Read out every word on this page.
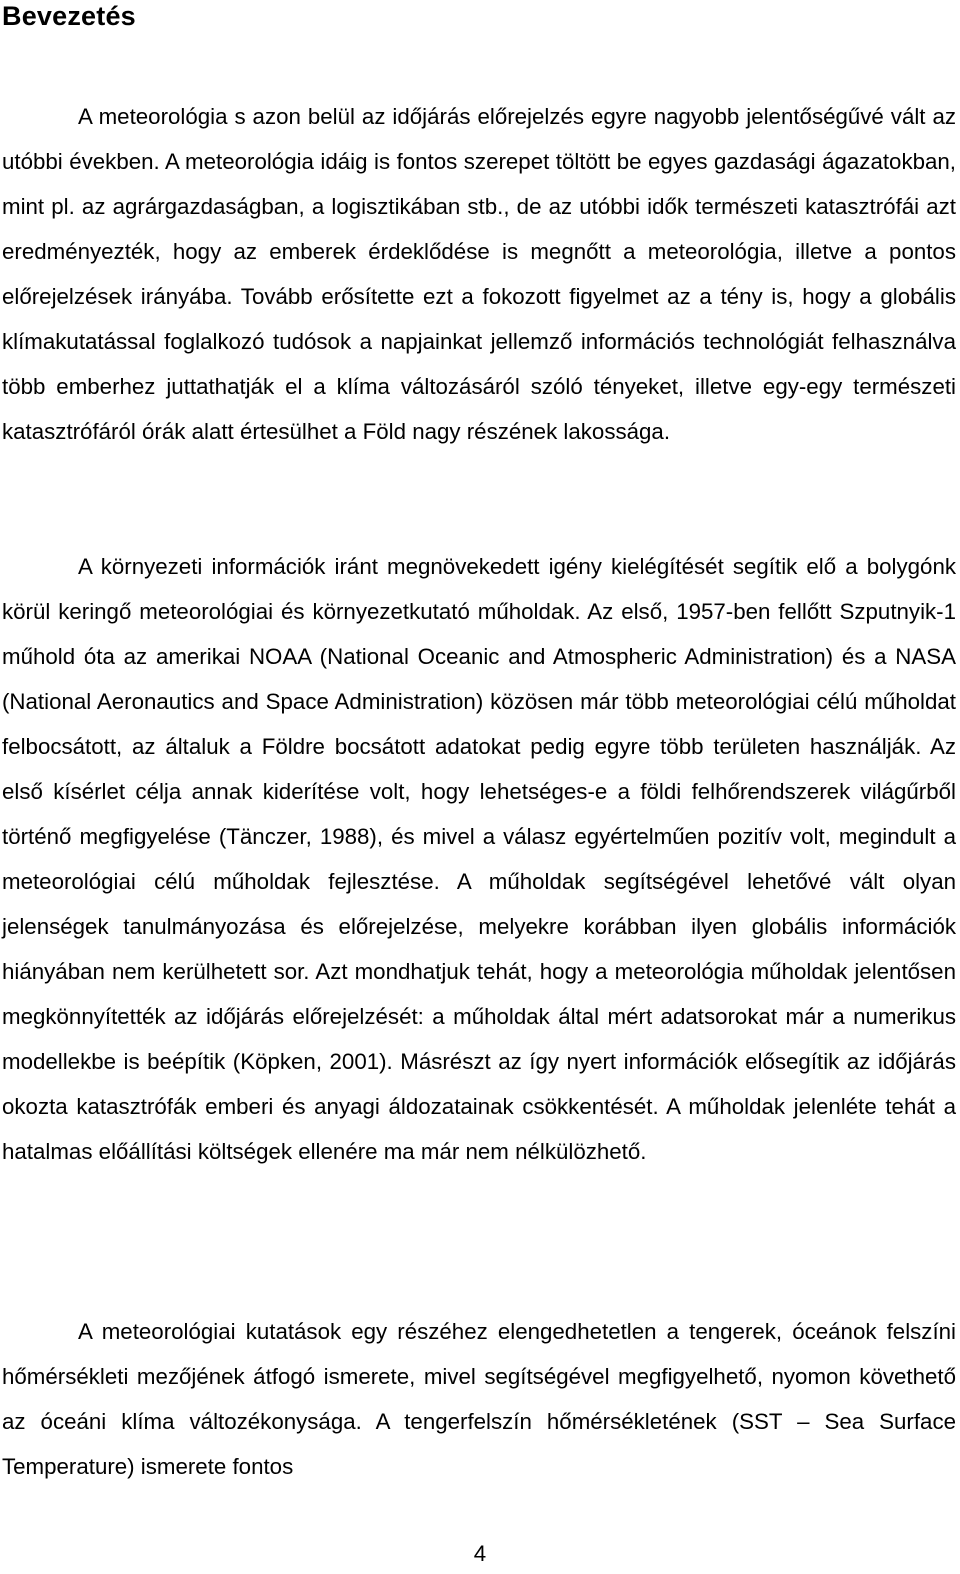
Bevezetés

A meteorológia s azon belül az időjárás előrejelzés egyre nagyobb jelentőségűvé vált az utóbbi években. A meteorológia idáig is fontos szerepet töltött be egyes gazdasági ágazatokban, mint pl. az agrárgazdaságban, a logisztikában stb., de az utóbbi idők természeti katasztrófái azt eredményezték, hogy az emberek érdeklődése is megnőtt a meteorológia, illetve a pontos előrejelzések irányába. Tovább erősítette ezt a fokozott figyelmet az a tény is, hogy a globális klímakutatással foglalkozó tudósok a napjainkat jellemző információs technológiát felhasználva több emberhez juttathatják el a klíma változásáról szóló tényeket, illetve egy-egy természeti katasztrófáról órák alatt értesülhet a Föld nagy részének lakossága.

A környezeti információk iránt megnövekedett igény kielégítését segítik elő a bolygónk körül keringő meteorológiai és környezetkutató műholdak. Az első, 1957-ben fellőtt Szputnyik-1 műhold óta az amerikai NOAA (National Oceanic and Atmospheric Administration) és a NASA (National Aeronautics and Space Administration) közösen már több meteorológiai célú műholdat felbocsátott, az általuk a Földre bocsátott adatokat pedig egyre több területen használják. Az első kísérlet célja annak kiderítése volt, hogy lehetséges-e a földi felhőrendszerek világűrből történő megfigyelése (Tänczer, 1988), és mivel a válasz egyértelműen pozitív volt, megindult a meteorológiai célú műholdak fejlesztése. A műholdak segítségével lehetővé vált olyan jelenségek tanulmányozása és előrejelzése, melyekre korábban ilyen globális információk hiányában nem kerülhetett sor. Azt mondhatjuk tehát, hogy a meteorológia műholdak jelentősen megkönnyítették az időjárás előrejelzését: a műholdak által mért adatsorokat már a numerikus modellekbe is beépítik (Köpken, 2001). Másrészt az így nyert információk elősegítik az időjárás okozta katasztrófák emberi és anyagi áldozatainak csökkentését. A műholdak jelenléte tehát a hatalmas előállítási költségek ellenére ma már nem nélkülözhető.

A meteorológiai kutatások egy részéhez elengedhetetlen a tengerek, óceánok felszíni hőmérsékleti mezőjének átfogó ismerete, mivel segítségével megfigyelhető, nyomon követhető az óceáni klíma változékonysága. A tengerfelszín hőmérsékletének (SST – Sea Surface Temperature) ismerete fontos

4
